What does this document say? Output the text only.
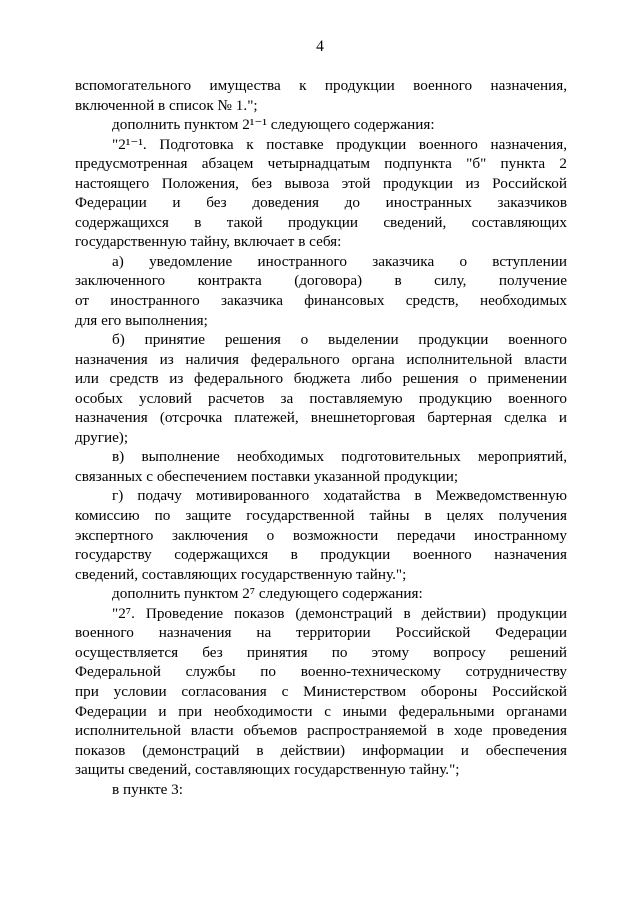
4
вспомогательного имущества к продукции военного назначения,
включенной в список № 1.";
дополнить пунктом 2¹⁻¹ следующего содержания:
"2¹⁻¹. Подготовка к поставке продукции военного назначения,
предусмотренная абзацем четырнадцатым подпункта "б" пункта 2
настоящего Положения, без вывоза этой продукции из Российской
Федерации и без доведения до иностранных заказчиков
содержащихся в такой продукции сведений, составляющих
государственную тайну, включает в себя:
а) уведомление иностранного заказчика о вступлении
заключенного контракта (договора) в силу, получение
от иностранного заказчика финансовых средств, необходимых
для его выполнения;
б) принятие решения о выделении продукции военного
назначения из наличия федерального органа исполнительной власти
или средств из федерального бюджета либо решения о применении
особых условий расчетов за поставляемую продукцию военного
назначения (отсрочка платежей, внешнеторговая бартерная сделка и
другие);
в) выполнение необходимых подготовительных мероприятий,
связанных с обеспечением поставки указанной продукции;
г) подачу мотивированного ходатайства в Межведомственную
комиссию по защите государственной тайны в целях получения
экспертного заключения о возможности передачи иностранному
государству содержащихся в продукции военного назначения
сведений, составляющих государственную тайну.";
дополнить пунктом 2⁷ следующего содержания:
"2⁷. Проведение показов (демонстраций в действии) продукции
военного назначения на территории Российской Федерации
осуществляется без принятия по этому вопросу решений
Федеральной службы по военно-техническому сотрудничеству
при условии согласования с Министерством обороны Российской
Федерации и при необходимости с иными федеральными органами
исполнительной власти объемов распространяемой в ходе проведения
показов (демонстраций в действии) информации и обеспечения
защиты сведений, составляющих государственную тайну.";
в пункте 3:
